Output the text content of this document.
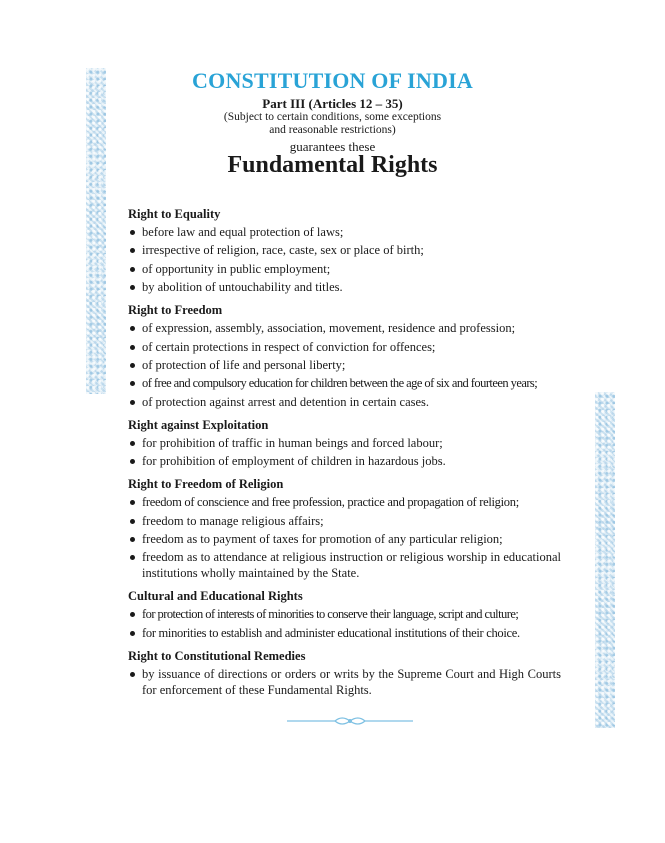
CONSTITUTION OF INDIA
Part III (Articles 12 – 35)
(Subject to certain conditions, some exceptions
and reasonable restrictions)
guarantees these
Fundamental Rights
Right to Equality
before law and equal protection of laws;
irrespective of religion, race, caste, sex or place of birth;
of opportunity in public employment;
by abolition of untouchability and titles.
Right to Freedom
of expression, assembly, association, movement, residence and profession;
of certain protections in respect of conviction for offences;
of protection of life and personal liberty;
of free and compulsory education for children between the age of six and fourteen years;
of protection against arrest and detention in certain cases.
Right against Exploitation
for prohibition of traffic in human beings and forced labour;
for prohibition of employment of children in hazardous jobs.
Right to Freedom of Religion
freedom of conscience and free profession, practice and propagation of religion;
freedom to manage religious affairs;
freedom as to payment of taxes for promotion of any particular religion;
freedom as to attendance at religious instruction or religious worship in educational institutions wholly maintained by the State.
Cultural and Educational Rights
for protection of interests of minorities to conserve their language, script and culture;
for minorities to establish and administer educational institutions of their choice.
Right to Constitutional Remedies
by issuance of directions or orders or writs by the Supreme Court and High Courts for enforcement of these Fundamental Rights.
